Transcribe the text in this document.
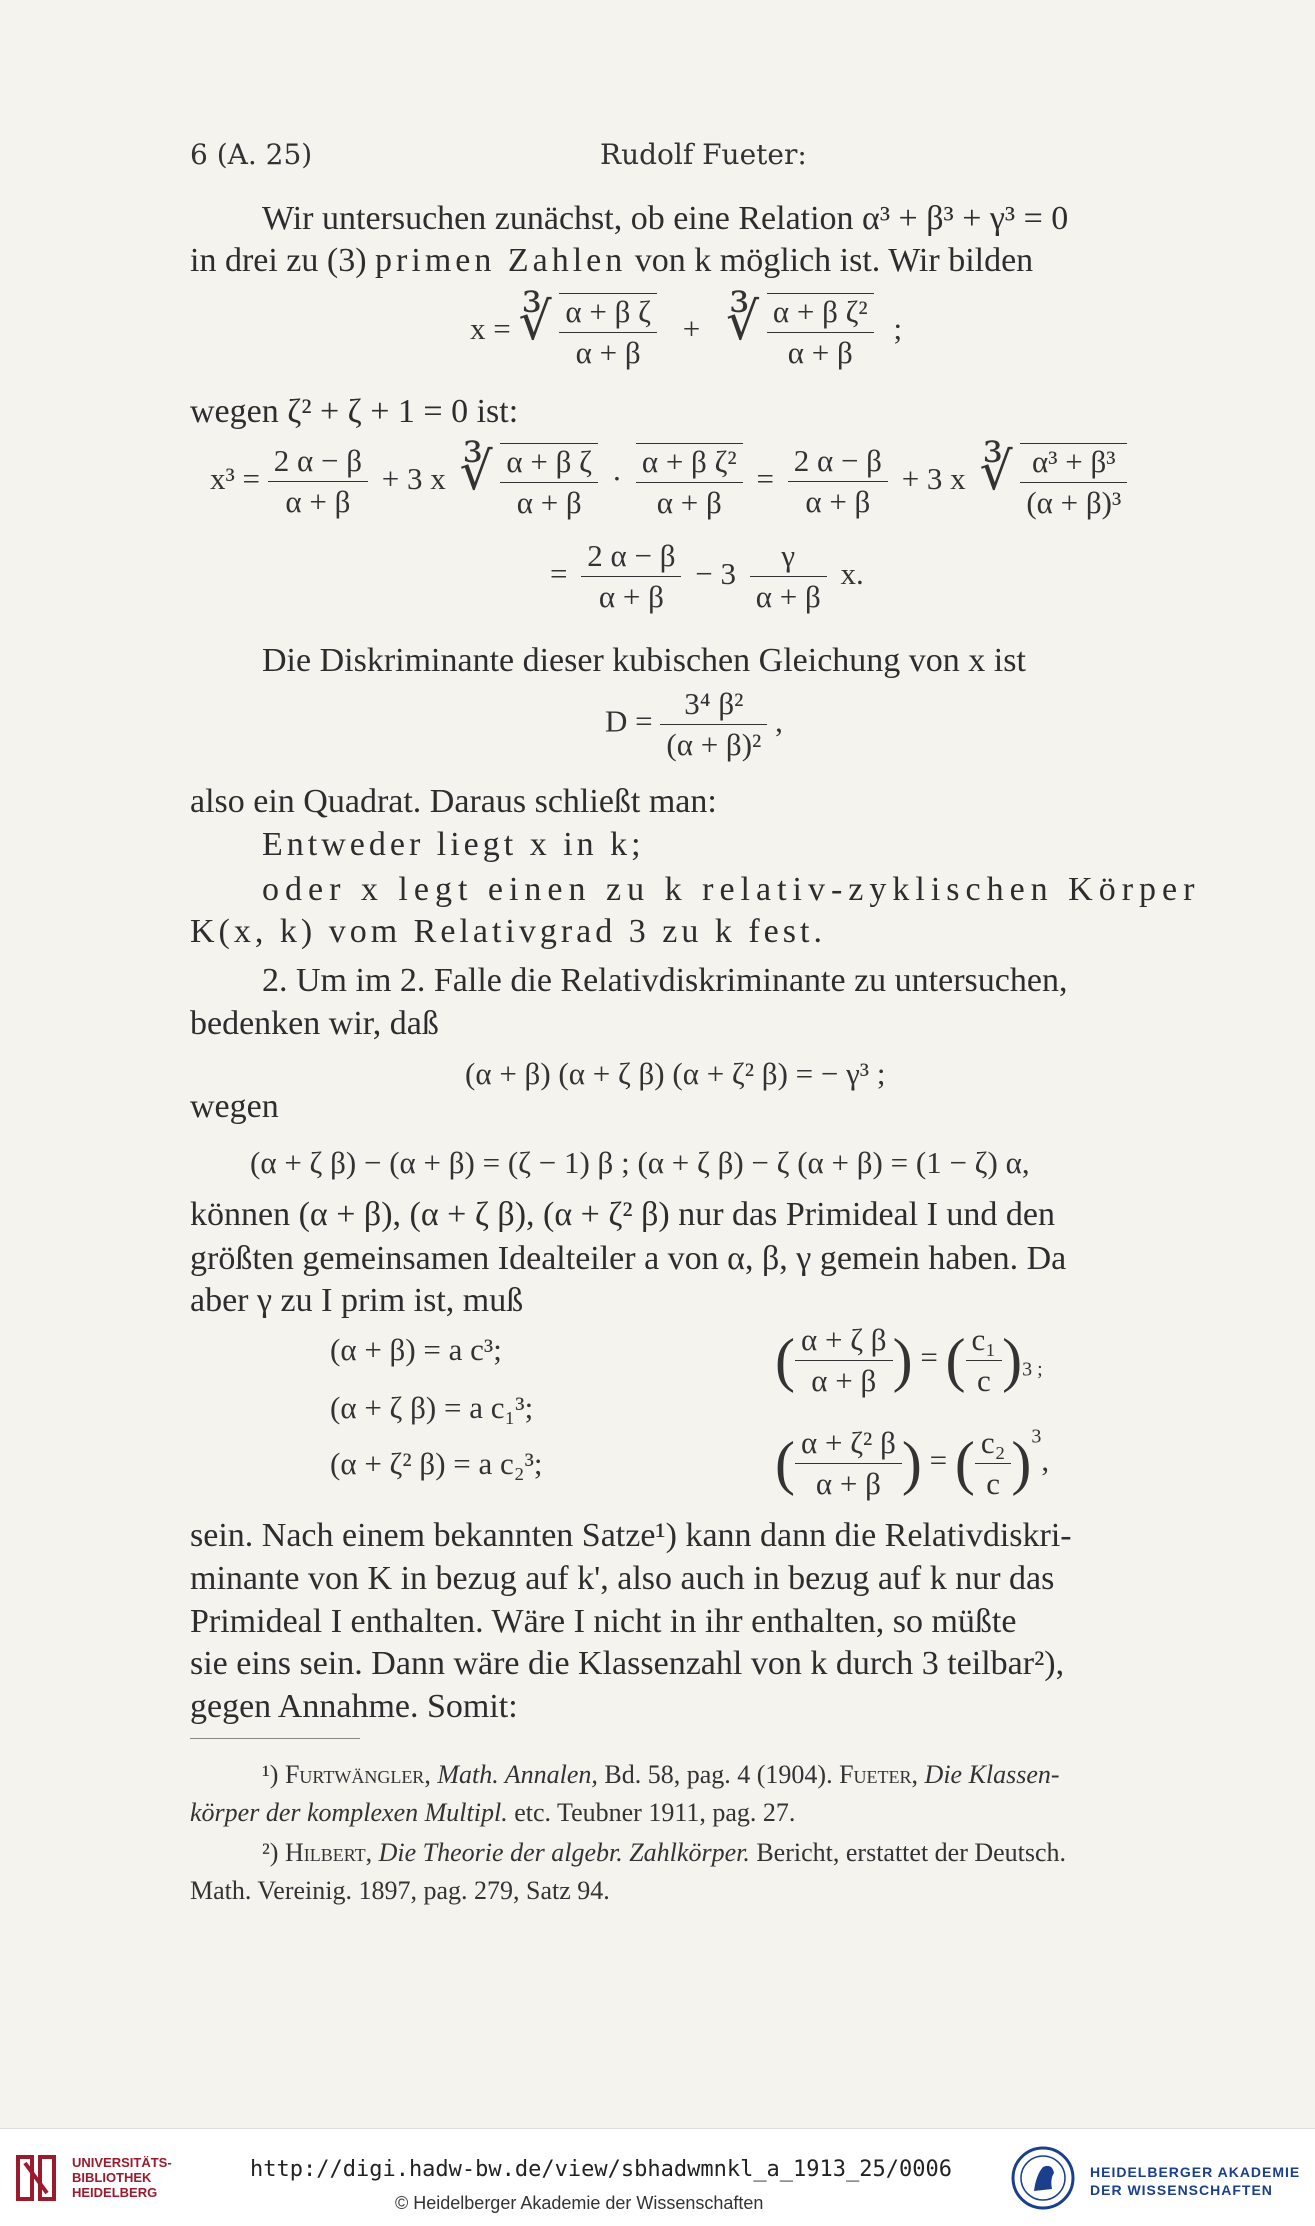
6 (A. 25)	Rudolf Fueter:
Wir untersuchen zunächst, ob eine Relation α³ + β³ + γ³ = 0
in drei zu (3) primen Zahlen von k möglich ist. Wir bilden
x = ∛ $\frac{\text{α + β ζ}}{\alpha + \beta}$ + ∛ $\frac{\text{α + β ζ²}}{\alpha + \beta}$ ;
wegen ζ² + ζ + 1 = 0 ist:
$x^3 = \frac{2 \alpha - \beta}{\alpha + \beta} + 3$ x ∛ $\frac{\text{α + β ζ}}{\alpha + \beta} \cdot \frac{\text{α + β ζ²}}{\alpha + \beta} = \frac{2 \alpha - \beta}{\alpha + \beta} + 3$ x ∛ $\frac{\text{α³ + β³}}{\text{(α + β)³}}$
= $\frac{2 \alpha - \beta}{\alpha + \beta} - 3 \frac{\gamma}{\alpha + \beta} x$.
Die Diskriminante dieser kubischen Gleichung von x ist
$D = \frac{\text{3⁴ β²}}{\text{(α + β)²}}$ ,
also ein Quadrat. Daraus schließt man:
Entweder liegt x in k;
oder x legt einen zu k relativ-zyklischen Körper
K(x, k) vom Relativgrad 3 zu k fest.
2. Um im 2. Falle die Relativdiskriminante zu untersuchen,
bedenken wir, daß
(α + β) (α + ζ β) (α + ζ² β) = − γ³ ;
wegen
(α + ζ β) − (α + β) = (ζ − 1) β ; (α + ζ β) − ζ (α + β) = (1 − ζ) α,
können (α + β), (α + ζ β), (α + ζ² β) nur das Primideal I und den
größten gemeinsamen Idealteiler a von α, β, γ gemein haben. Da
aber γ zu I prim ist, muß
(α + β) = a c³;
(α + ζ β) = a c₁³;
(α + ζ² β) = a c₂³;
( $\frac{\text{α + ζ β}}{\alpha + \beta}$ ) = ( $\frac{\text{c₁}}{c} )_{3 ;}$
( $\frac{\text{α + ζ² β}}{\alpha + \beta}$ ) = ( $\frac{\text{c₂}}{c} )^3$,
sein. Nach einem bekannten Satze¹) kann dann die Relativdiskri-
minante von K in bezug auf k', also auch in bezug auf k nur das
Primideal I enthalten. Wäre I nicht in ihr enthalten, so müßte
sie eins sein. Dann wäre die Klassenzahl von k durch 3 teilbar²),
gegen Annahme. Somit:
¹) Furtwängler, Math. Annalen, Bd. 58, pag. 4 (1904). Fueter, Die Klassen-
körper der komplexen Multipl. etc. Teubner 1911, pag. 27.
²) Hilbert, Die Theorie der algebr. Zahlkörper. Bericht, erstattet der Deutsch.
Math. Vereinig. 1897, pag. 279, Satz 94.
UNIVERSITÄTS-
BIBLIOTHEK
HEIDELBERG
http://digi.hadw-bw.de/view/sbhadwmnkl_a_1913_25/0006
© Heidelberger Akademie der Wissenschaften
HEIDELBERGER AKADEMIE
DER WISSENSCHAFTEN
